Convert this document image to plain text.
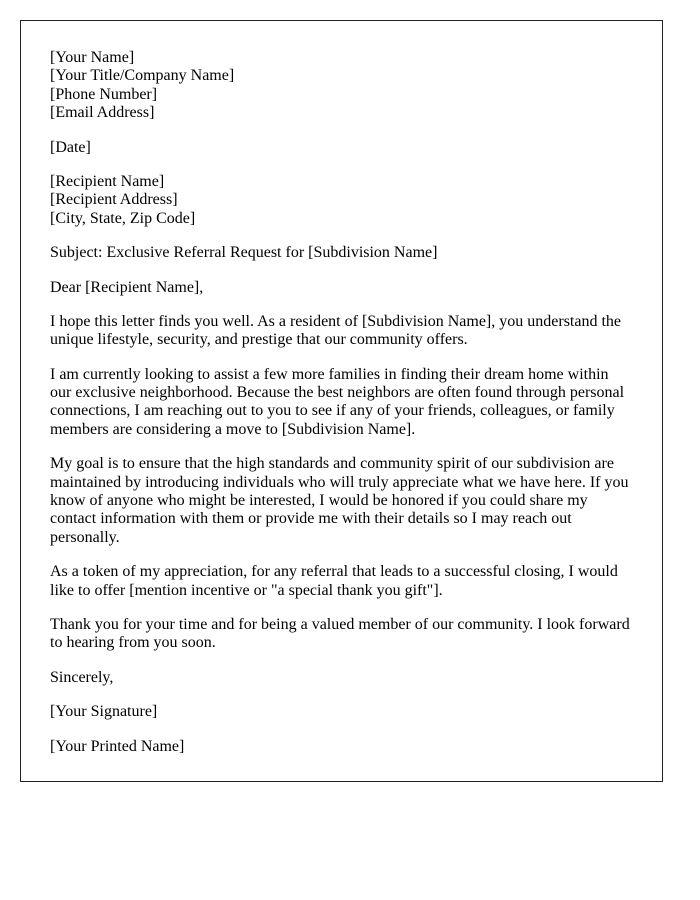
[Your Name]
[Your Title/Company Name]
[Phone Number]
[Email Address]

[Date]

[Recipient Name]
[Recipient Address]
[City, State, Zip Code]

Subject: Exclusive Referral Request for [Subdivision Name]

Dear [Recipient Name],

I hope this letter finds you well. As a resident of [Subdivision Name], you understand the unique lifestyle, security, and prestige that our community offers.

I am currently looking to assist a few more families in finding their dream home within our exclusive neighborhood. Because the best neighbors are often found through personal connections, I am reaching out to you to see if any of your friends, colleagues, or family members are considering a move to [Subdivision Name].

My goal is to ensure that the high standards and community spirit of our subdivision are maintained by introducing individuals who will truly appreciate what we have here. If you know of anyone who might be interested, I would be honored if you could share my contact information with them or provide me with their details so I may reach out personally.

As a token of my appreciation, for any referral that leads to a successful closing, I would like to offer [mention incentive or "a special thank you gift"].

Thank you for your time and for being a valued member of our community. I look forward to hearing from you soon.

Sincerely,

[Your Signature]

[Your Printed Name]
